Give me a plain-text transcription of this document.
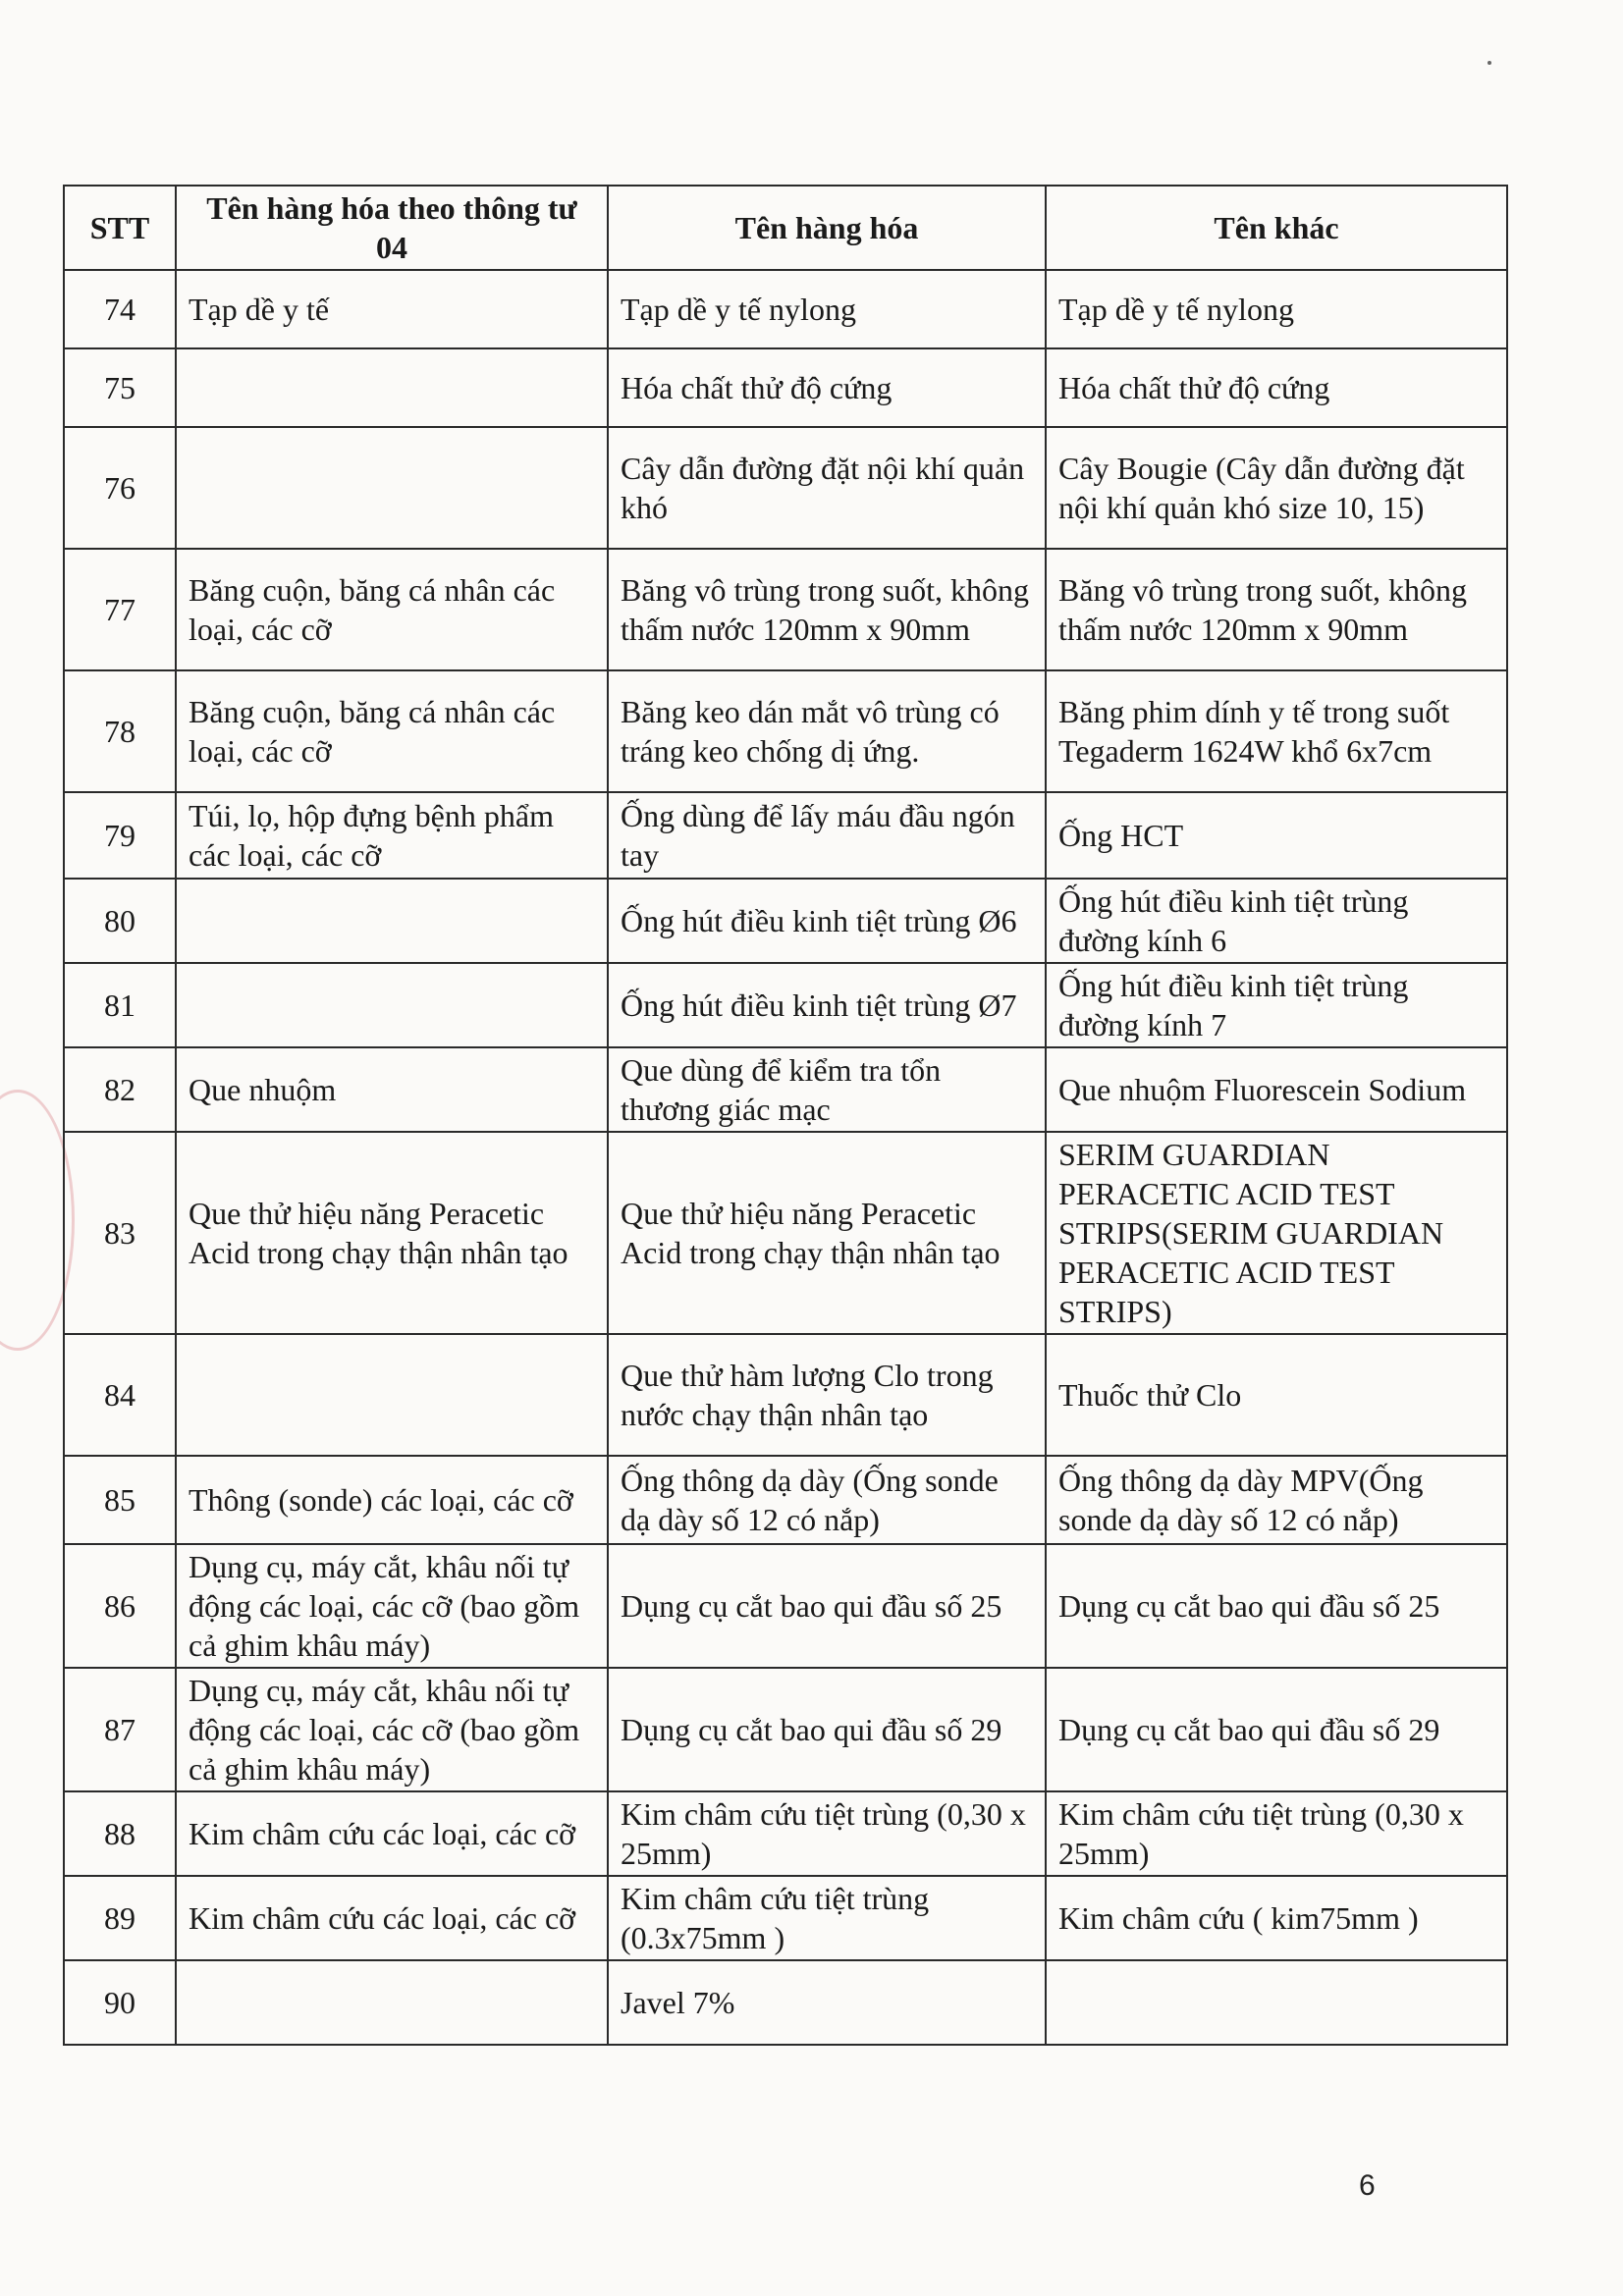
STT	Tên hàng hóa theo thông tư 04	Tên hàng hóa	Tên khác
74	Tạp dề y tế	Tạp dề y tế nylong	Tạp dề y tế nylong
75		Hóa chất thử độ cứng	Hóa chất thử độ cứng
76		Cây dẫn đường đặt nội khí quản khó	Cây Bougie (Cây dẫn đường đặt nội khí quản khó size 10, 15)
77	Băng cuộn, băng cá nhân các loại, các cỡ	Băng vô trùng trong suốt, không thấm nước 120mm x 90mm	Băng vô trùng trong suốt, không thấm nước 120mm x 90mm
78	Băng cuộn, băng cá nhân các loại, các cỡ	Băng keo dán mắt vô trùng có tráng keo chống dị ứng.	Băng phim dính y tế trong suốt Tegaderm 1624W khổ 6x7cm
79	Túi, lọ, hộp đựng bệnh phẩm các loại, các cỡ	Ống dùng để lấy máu đầu ngón tay	Ống HCT
80		Ống hút điều kinh tiệt trùng Ø6	Ống hút điều kinh tiệt trùng đường kính 6
81		Ống hút điều kinh tiệt trùng Ø7	Ống hút điều kinh tiệt trùng đường kính 7
82	Que nhuộm	Que dùng để kiểm tra tổn thương giác mạc	Que nhuộm Fluorescein Sodium
83	Que thử hiệu năng Peracetic Acid trong chạy thận nhân tạo	Que thử hiệu năng Peracetic Acid trong chạy thận nhân tạo	SERIM GUARDIAN PERACETIC ACID TEST STRIPS(SERIM GUARDIAN PERACETIC ACID TEST STRIPS)
84		Que thử hàm lượng Clo trong nước chạy thận nhân tạo	Thuốc thử Clo
85	Thông (sonde) các loại, các cỡ	Ống thông dạ dày (Ống sonde dạ dày số 12 có nắp)	Ống thông dạ dày MPV(Ống sonde dạ dày số 12 có nắp)
86	Dụng cụ, máy cắt, khâu nối tự động các loại, các cỡ (bao gồm cả ghim khâu máy)	Dụng cụ cắt bao qui đầu số 25	Dụng cụ cắt bao qui đầu số 25
87	Dụng cụ, máy cắt, khâu nối tự động các loại, các cỡ (bao gồm cả ghim khâu máy)	Dụng cụ cắt bao qui đầu số 29	Dụng cụ cắt bao qui đầu số 29
88	Kim châm cứu các loại, các cỡ	Kim châm cứu tiệt trùng (0,30 x 25mm)	Kim châm cứu tiệt trùng (0,30 x 25mm)
89	Kim châm cứu các loại, các cỡ	Kim châm cứu tiệt trùng (0.3x75mm )	Kim châm cứu ( kim75mm )
90		Javel 7%	
6
